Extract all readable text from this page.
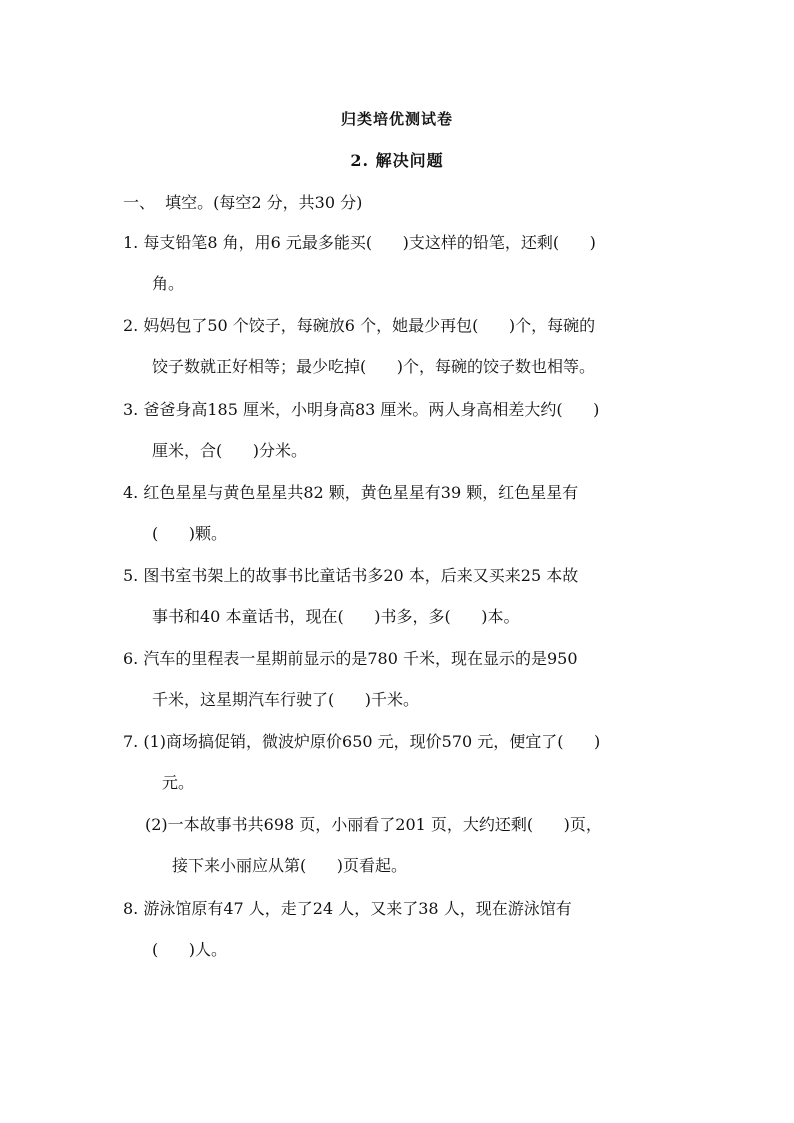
归类培优测试卷
2. 解决问题
一、  填空。(每空2 分，共30 分)
1. 每支铅笔8 角，用6 元最多能买(      )支这样的铅笔，还剩(      )
角。
2. 妈妈包了50 个饺子，每碗放6 个，她最少再包(      )个，每碗的
饺子数就正好相等；最少吃掉(      )个，每碗的饺子数也相等。
3. 爸爸身高185 厘米，小明身高83 厘米。两人身高相差大约(      )
厘米，合(      )分米。
4. 红色星星与黄色星星共82 颗，黄色星星有39 颗，红色星星有
(      )颗。
5. 图书室书架上的故事书比童话书多20 本，后来又买来25 本故
事书和40 本童话书，现在(      )书多，多(      )本。
6. 汽车的里程表一星期前显示的是780 千米，现在显示的是950
千米，这星期汽车行驶了(      )千米。
7. (1)商场搞促销，微波炉原价650 元，现价570 元，便宜了(      )
元。
(2)一本故事书共698 页，小丽看了201 页，大约还剩(      )页，
接下来小丽应从第(      )页看起。
8. 游泳馆原有47 人，走了24 人，又来了38 人，现在游泳馆有
(      )人。
